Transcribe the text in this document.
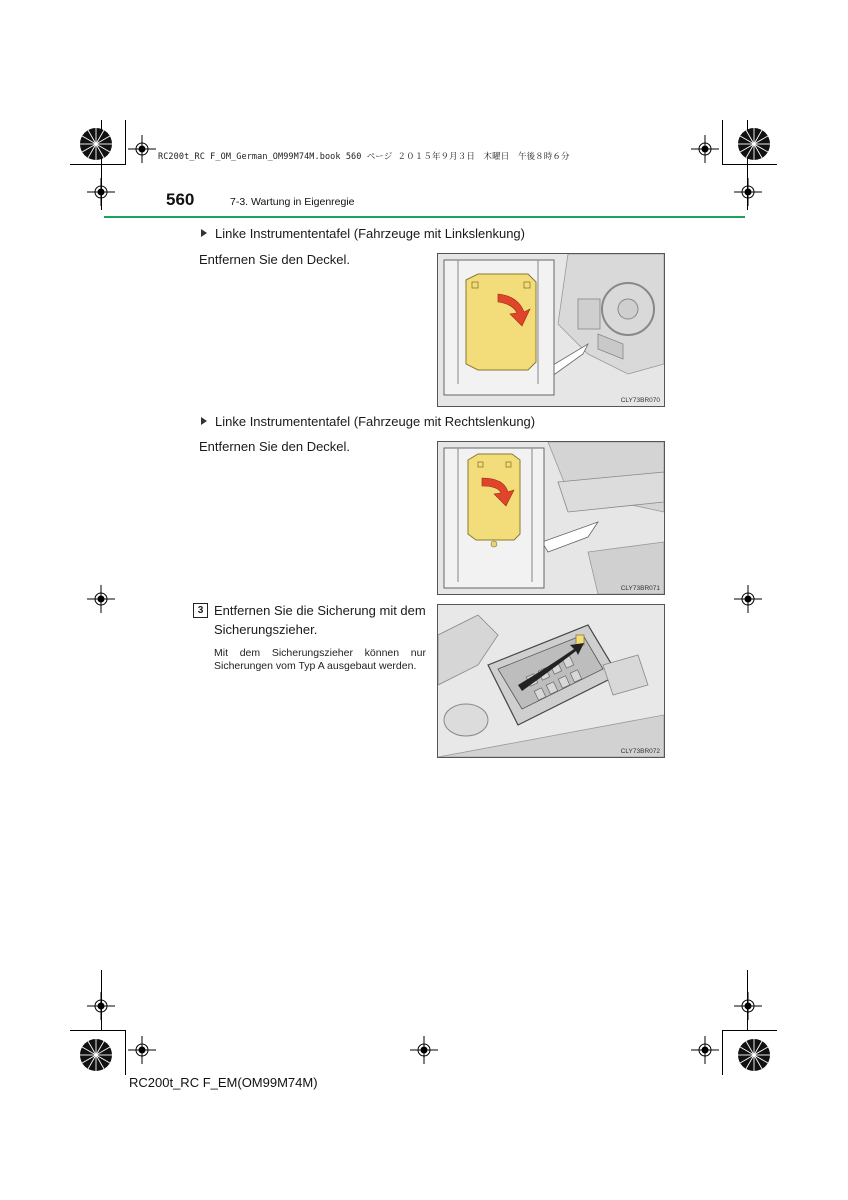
RC200t_RC F_OM_German_OM99M74M.book 560 ページ ２０１５年９月３日　木曜日　午後８時６分
560	7-3. Wartung in Eigenregie
Linke Instrumententafel (Fahrzeuge mit Linkslenkung)
Entfernen Sie den Deckel.
CLY73BR070
Linke Instrumententafel (Fahrzeuge mit Rechtslenkung)
Entfernen Sie den Deckel.
CLY73BR071
3 Entfernen Sie die Sicherung mit dem Sicherungszieher.
Mit dem Sicherungszieher können nur Sicherungen vom Typ A ausgebaut werden.
CLY73BR072
RC200t_RC F_EM(OM99M74M)
